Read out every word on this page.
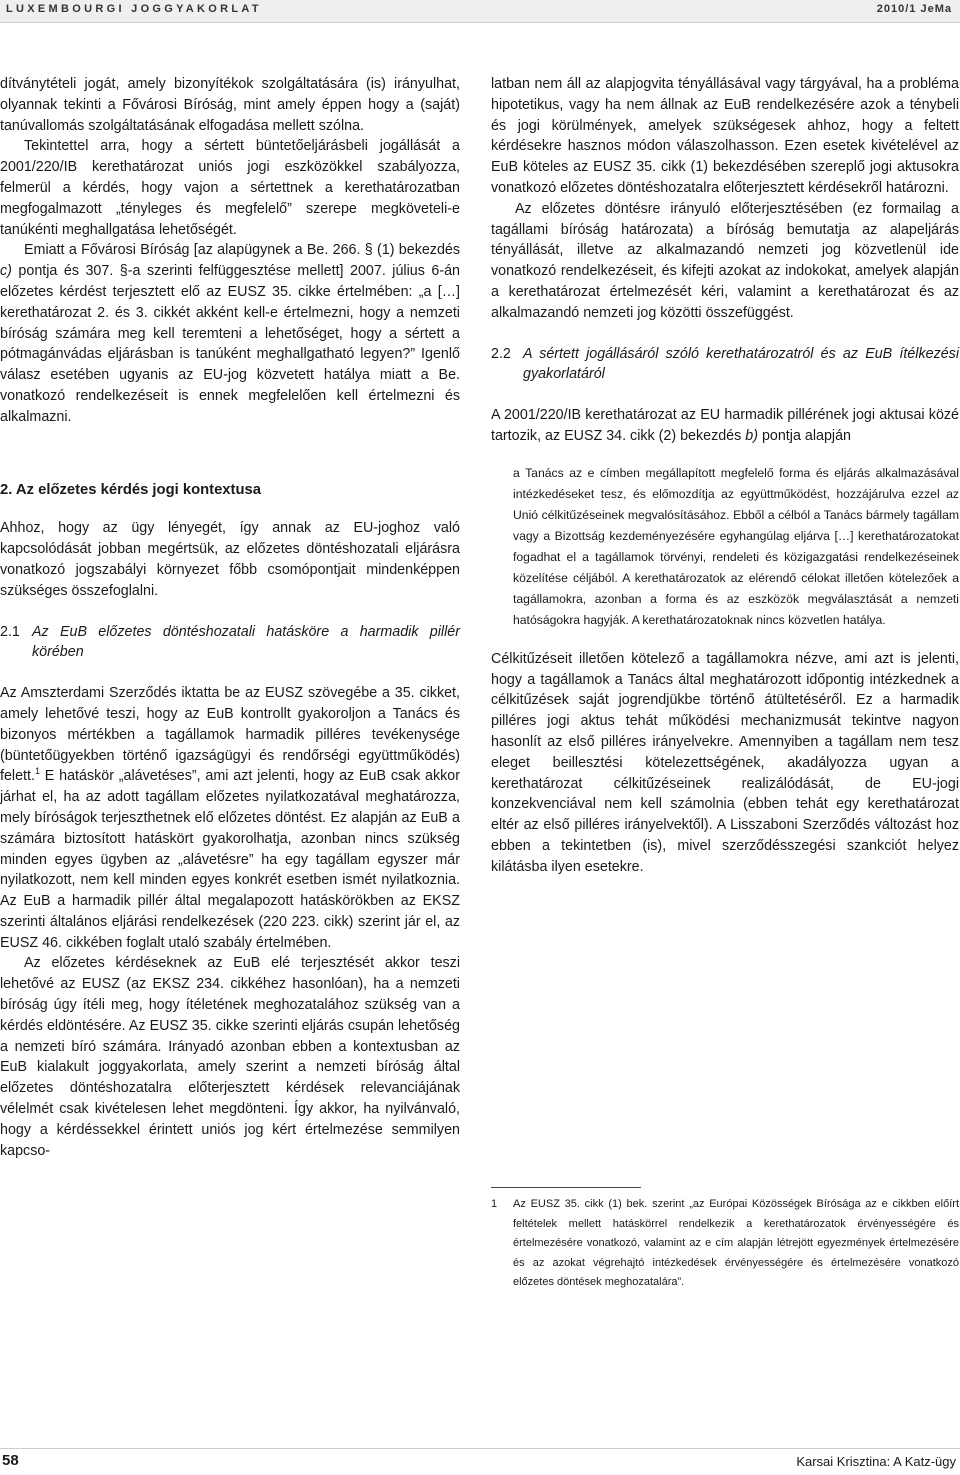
LUXEMBOURGI JOGGYAKORLAT	2010/1 JeMa

dítványtételi jogát, amely bizonyítékok szolgáltatására (is) irányulhat, olyannak tekinti a Fővárosi Bíróság, mint amely éppen hogy a (saját) tanúvallomás szolgáltatásának elfogadása mellett szólna.

Tekintettel arra, hogy a sértett büntetőeljárásbeli jogállását a 2001/220/IB kerethatározat uniós jogi eszközökkel szabályozza, felmerül a kérdés, hogy vajon a sértettnek a kerethatározatban megfogalmazott „tényleges és megfelelő” szerepe megköveteli-e tanúkénti meghallgatása lehetőségét.

Emiatt a Fővárosi Bíróság [az alapügynek a Be. 266. § (1) bekezdés c) pontja és 307. §-a szerinti felfüggesztése mellett] 2007. július 6-án előzetes kérdést terjesztett elő az EUSZ 35. cikke értelmében: „a […] kerethatározat 2. és 3. cikkét akként kell-e értelmezni, hogy a nemzeti bíróság számára meg kell teremteni a lehetőséget, hogy a sértett a pótmagánvádas eljárásban is tanúként meghallgatható legyen?” Igenlő válasz esetében ugyanis az EU-jog közvetett hatálya miatt a Be. vonatkozó rendelkezéseit is ennek megfelelően kell értelmezni és alkalmazni.

2. Az előzetes kérdés jogi kontextusa

Ahhoz, hogy az ügy lényegét, így annak az EU-joghoz való kapcsolódását jobban megértsük, az előzetes döntéshozatali eljárásra vonatkozó jogszabályi környezet főbb csomópontjait mindenképpen szükséges összefoglalni.

2.1 Az EuB előzetes döntéshozatali hatásköre a harmadik pillér körében

Az Amszterdami Szerződés iktatta be az EUSZ szövegébe a 35. cikket, amely lehetővé teszi, hogy az EuB kontrollt gyakoroljon a Tanács és bizonyos mértékben a tagállamok harmadik pilléres tevékenysége (büntetőügyekben történő igazságügyi és rendőrségi együttműködés) felett.$^1$ E hatáskör „alávetéses”, ami azt jelenti, hogy az EuB csak akkor járhat el, ha az adott tagállam előzetes nyilatkozatával meghatározza, mely bíróságok terjeszthetnek elő előzetes döntést. Ez alapján az EuB a számára biztosított hatáskört gyakorolhatja, azonban nincs szükség minden egyes ügyben az „alávetésre” ha egy tagállam egyszer már nyilatkozott, nem kell minden egyes konkrét esetben ismét nyilatkoznia. Az EuB a harmadik pillér által megalapozott hatáskörökben az EKSZ szerinti általános eljárási rendelkezések (220 223. cikk) szerint jár el, az EUSZ 46. cikkében foglalt utaló szabály értelmében.

Az előzetes kérdéseknek az EuB elé terjesztését akkor teszi lehetővé az EUSZ (az EKSZ 234. cikkéhez hasonlóan), ha a nemzeti bíróság úgy ítéli meg, hogy ítéletének meghozatalához szükség van a kérdés eldöntésére. Az EUSZ 35. cikke szerinti eljárás csupán lehetőség a nemzeti bíró számára. Irányadó azonban ebben a kontextusban az EuB kialakult joggyakorlata, amely szerint a nemzeti bíróság által előzetes döntéshozatalra előterjesztett kérdések relevanciájának vélelmét csak kivételesen lehet megdönteni. Így akkor, ha nyilvánvaló, hogy a kérdéssekkel érintett uniós jog kért értelmezése semmilyen kapcso-

latban nem áll az alapjogvita tényállásával vagy tárgyával, ha a probléma hipotetikus, vagy ha nem állnak az EuB rendelkezésére azok a ténybeli és jogi körülmények, amelyek szükségesek ahhoz, hogy a feltett kérdésekre hasznos módon válaszolhasson. Ezen esetek kivételével az EuB köteles az EUSZ 35. cikk (1) bekezdésében szereplő jogi aktusokra vonatkozó előzetes döntéshozatalra előterjesztett kérdésekről határozni.

Az előzetes döntésre irányuló előterjesztésében (ez formailag a tagállami bíróság határozata) a bíróság bemutatja az alapeljárás tényállását, illetve az alkalmazandó nemzeti jog közvetlenül ide vonatkozó rendelkezéseit, és kifejti azokat az indokokat, amelyek alapján a kerethatározat értelmezését kéri, valamint a kerethatározat és az alkalmazandó nemzeti jog közötti összefüggést.

2.2 A sértett jogállásáról szóló kerethatározatról és az EuB ítélkezési gyakorlatáról

A 2001/220/IB kerethatározat az EU harmadik pillérének jogi aktusai közé tartozik, az EUSZ 34. cikk (2) bekezdés b) pontja alapján

a Tanács az e címben megállapított megfelelő forma és eljárás alkalmazásával intézkedéseket tesz, és előmozdítja az együttműködést, hozzájárulva ezzel az Unió célkitűzéseinek megvalósításához. Ebből a célból a Tanács bármely tagállam vagy a Bizottság kezdeményezésére egyhangúlag eljárva […] kerethatározatokat fogadhat el a tagállamok törvényi, rendeleti és közigazgatási rendelkezéseinek közelítése céljából. A kerethatározatok az elérendő célokat illetően kötelezőek a tagállamokra, azonban a forma és az eszközök megválasztását a nemzeti hatóságokra hagyják. A kerethatározatoknak nincs közvetlen hatálya.

Célkitűzéseit illetően kötelező a tagállamokra nézve, ami azt is jelenti, hogy a tagállamok a Tanács által meghatározott időpontig intézkednek a célkitűzések saját jogrendjükbe történő átültetéséről. Ez a harmadik pilléres jogi aktus tehát működési mechanizmusát tekintve nagyon hasonlít az első pilléres irányelvekre. Amennyiben a tagállam nem tesz eleget beillesztési kötelezettségének, akadályozza ugyan a kerethatározat célkitűzéseinek realizálódását, de EU-jogi konzekvenciával nem kell számolnia (ebben tehát egy kerethatározat eltér az első pilléres irányelvektől). A Lisszaboni Szerződés változást hoz ebben a tekintetben (is), mivel szerződésszegési szankciót helyez kilátásba ilyen esetekre.

1	Az EUSZ 35. cikk (1) bek. szerint „az Európai Közösségek Bírósága az e cikkben előírt feltételek mellett hatáskörrel rendelkezik a kerethatározatok érvényességére és értelmezésére vonatkozó, valamint az e cím alapján létrejött egyezmények értelmezésére és az azokat végrehajtó intézkedések érvényességére és értelmezésére vonatkozó előzetes döntések meghozatalára”.
58	Karsai Krisztina: A Katz-ügy
